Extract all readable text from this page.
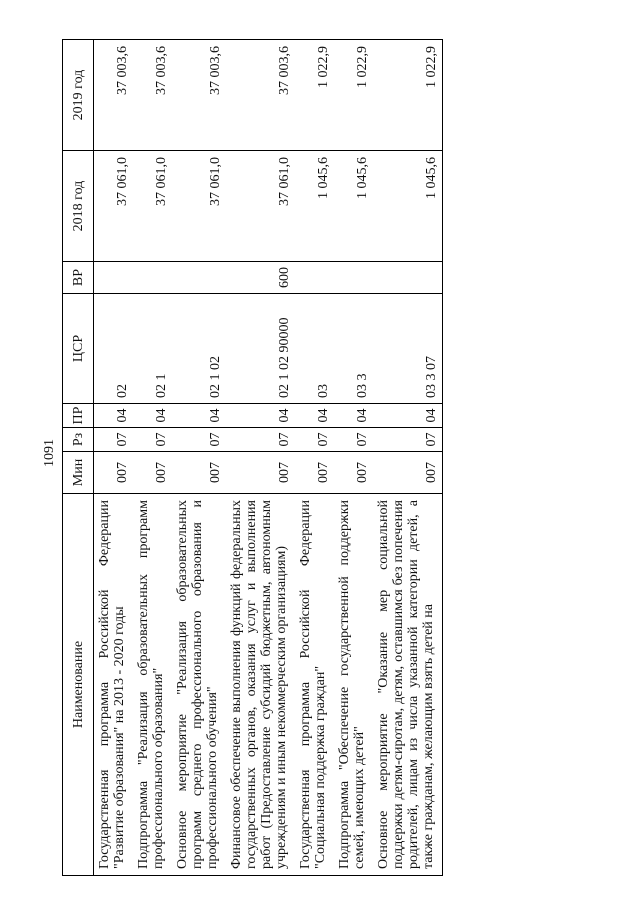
1091
Наименование	Мин	Рз	ПР	ЦСР	ВР	2018 год	2019 год
Государственная программа Российской Федерации "Развитие образования" на 2013 - 2020 годы	007	07	04	02		37 061,0	37 003,6
Подпрограмма "Реализация образовательных программ профессионального образования"	007	07	04	02 1		37 061,0	37 003,6
Основное мероприятие "Реализация образовательных программ среднего профессионального образования и профессионального обучения"	007	07	04	02 1 02		37 061,0	37 003,6
Финансовое обеспечение выполнения функций федеральных государственных органов, оказания услуг и выполнения работ (Предоставление субсидий бюджетным, автономным учреждениям и иным некоммерческим организациям)	007	07	04	02 1 02 90000	600	37 061,0	37 003,6
Государственная программа Российской Федерации "Социальная поддержка граждан"	007	07	04	03		1 045,6	1 022,9
Подпрограмма "Обеспечение государственной поддержки семей, имеющих детей"	007	07	04	03 3		1 045,6	1 022,9
Основное мероприятие "Оказание мер социальной поддержки детям-сиротам, детям, оставшимся без попечения родителей, лицам из числа указанной категории детей, а также гражданам, желающим взять детей на	007	07	04	03 3 07		1 045,6	1 022,9
